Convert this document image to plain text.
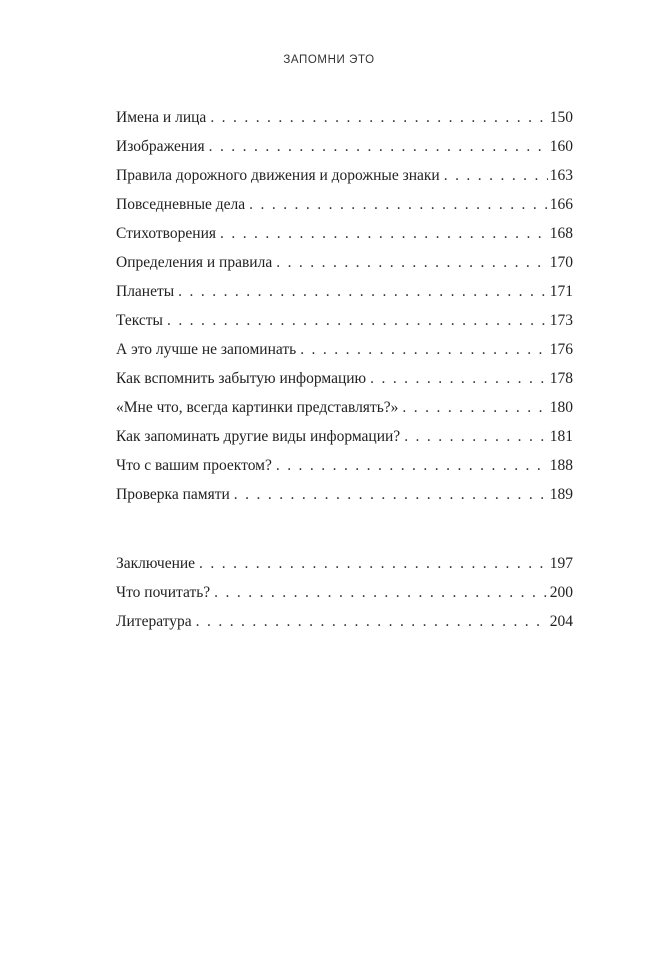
ЗАПОМНИ ЭТО
Имена и лица . . .	150
Изображения . . .	160
Правила дорожного движения и дорожные знаки . . .	163
Повседневные дела . . .	166
Стихотворения . . .	168
Определения и правила . . .	170
Планеты . . .	171
Тексты . . .	173
А это лучше не запоминать . . .	176
Как вспомнить забытую информацию . . .	178
«Мне что, всегда картинки представлять?» . . .	180
Как запоминать другие виды информации? . . .	181
Что с вашим проектом? . . .	188
Проверка памяти . . .	189
Заключение . . .	197
Что почитать? . . .	200
Литература . . .	204
